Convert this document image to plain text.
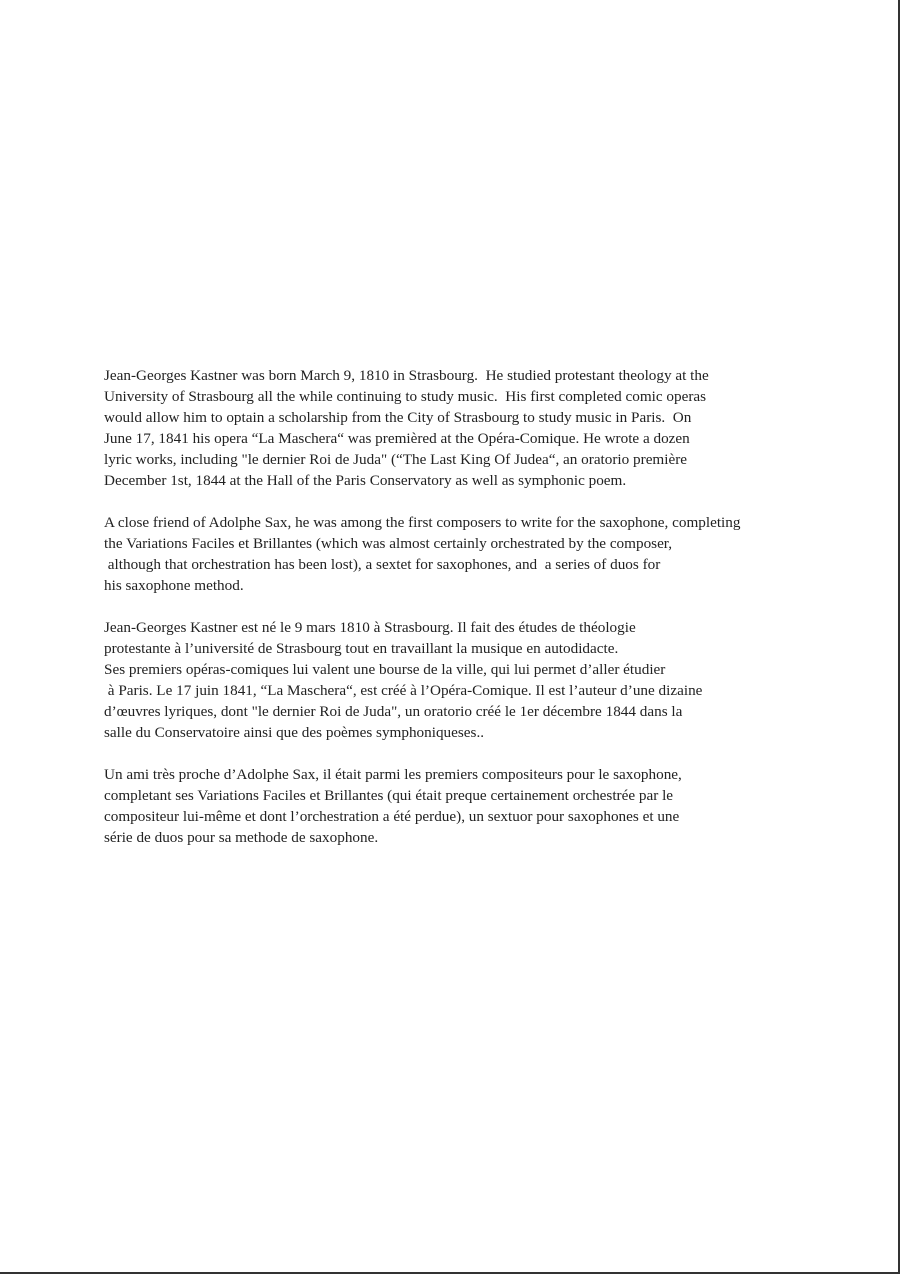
Jean-Georges Kastner was born March 9, 1810 in Strasbourg.  He studied protestant theology at the
University of Strasbourg all the while continuing to study music.  His first completed comic operas
would allow him to optain a scholarship from the City of Strasbourg to study music in Paris.  On
June 17, 1841 his opera “La Maschera“ was premièred at the Opéra-Comique. He wrote a dozen
lyric works, including "le dernier Roi de Juda" (“The Last King Of Judea“, an oratorio première
December 1st, 1844 at the Hall of the Paris Conservatory as well as symphonic poem.

A close friend of Adolphe Sax, he was among the first composers to write for the saxophone, completing
the Variations Faciles et Brillantes (which was almost certainly orchestrated by the composer,
although that orchestration has been lost), a sextet for saxophones, and  a series of duos for
his saxophone method.

Jean-Georges Kastner est né le 9 mars 1810 à Strasbourg. Il fait des études de théologie
protestante à l’université de Strasbourg tout en travaillant la musique en autodidacte.
Ses premiers opéras-comiques lui valent une bourse de la ville, qui lui permet d’aller étudier
à Paris. Le 17 juin 1841, “La Maschera“, est créé à l’Opéra-Comique. Il est l’auteur d’une dizaine
d’œuvres lyriques, dont "le dernier Roi de Juda", un oratorio créé le 1er décembre 1844 dans la
salle du Conservatoire ainsi que des poèmes symphoniqueses..

Un ami très proche d’Adolphe Sax, il était parmi les premiers compositeurs pour le saxophone,
completant ses Variations Faciles et Brillantes (qui était preque certainement orchestrée par le
compositeur lui-même et dont l’orchestration a été perdue), un sextuor pour saxophones et une
série de duos pour sa methode de saxophone.
